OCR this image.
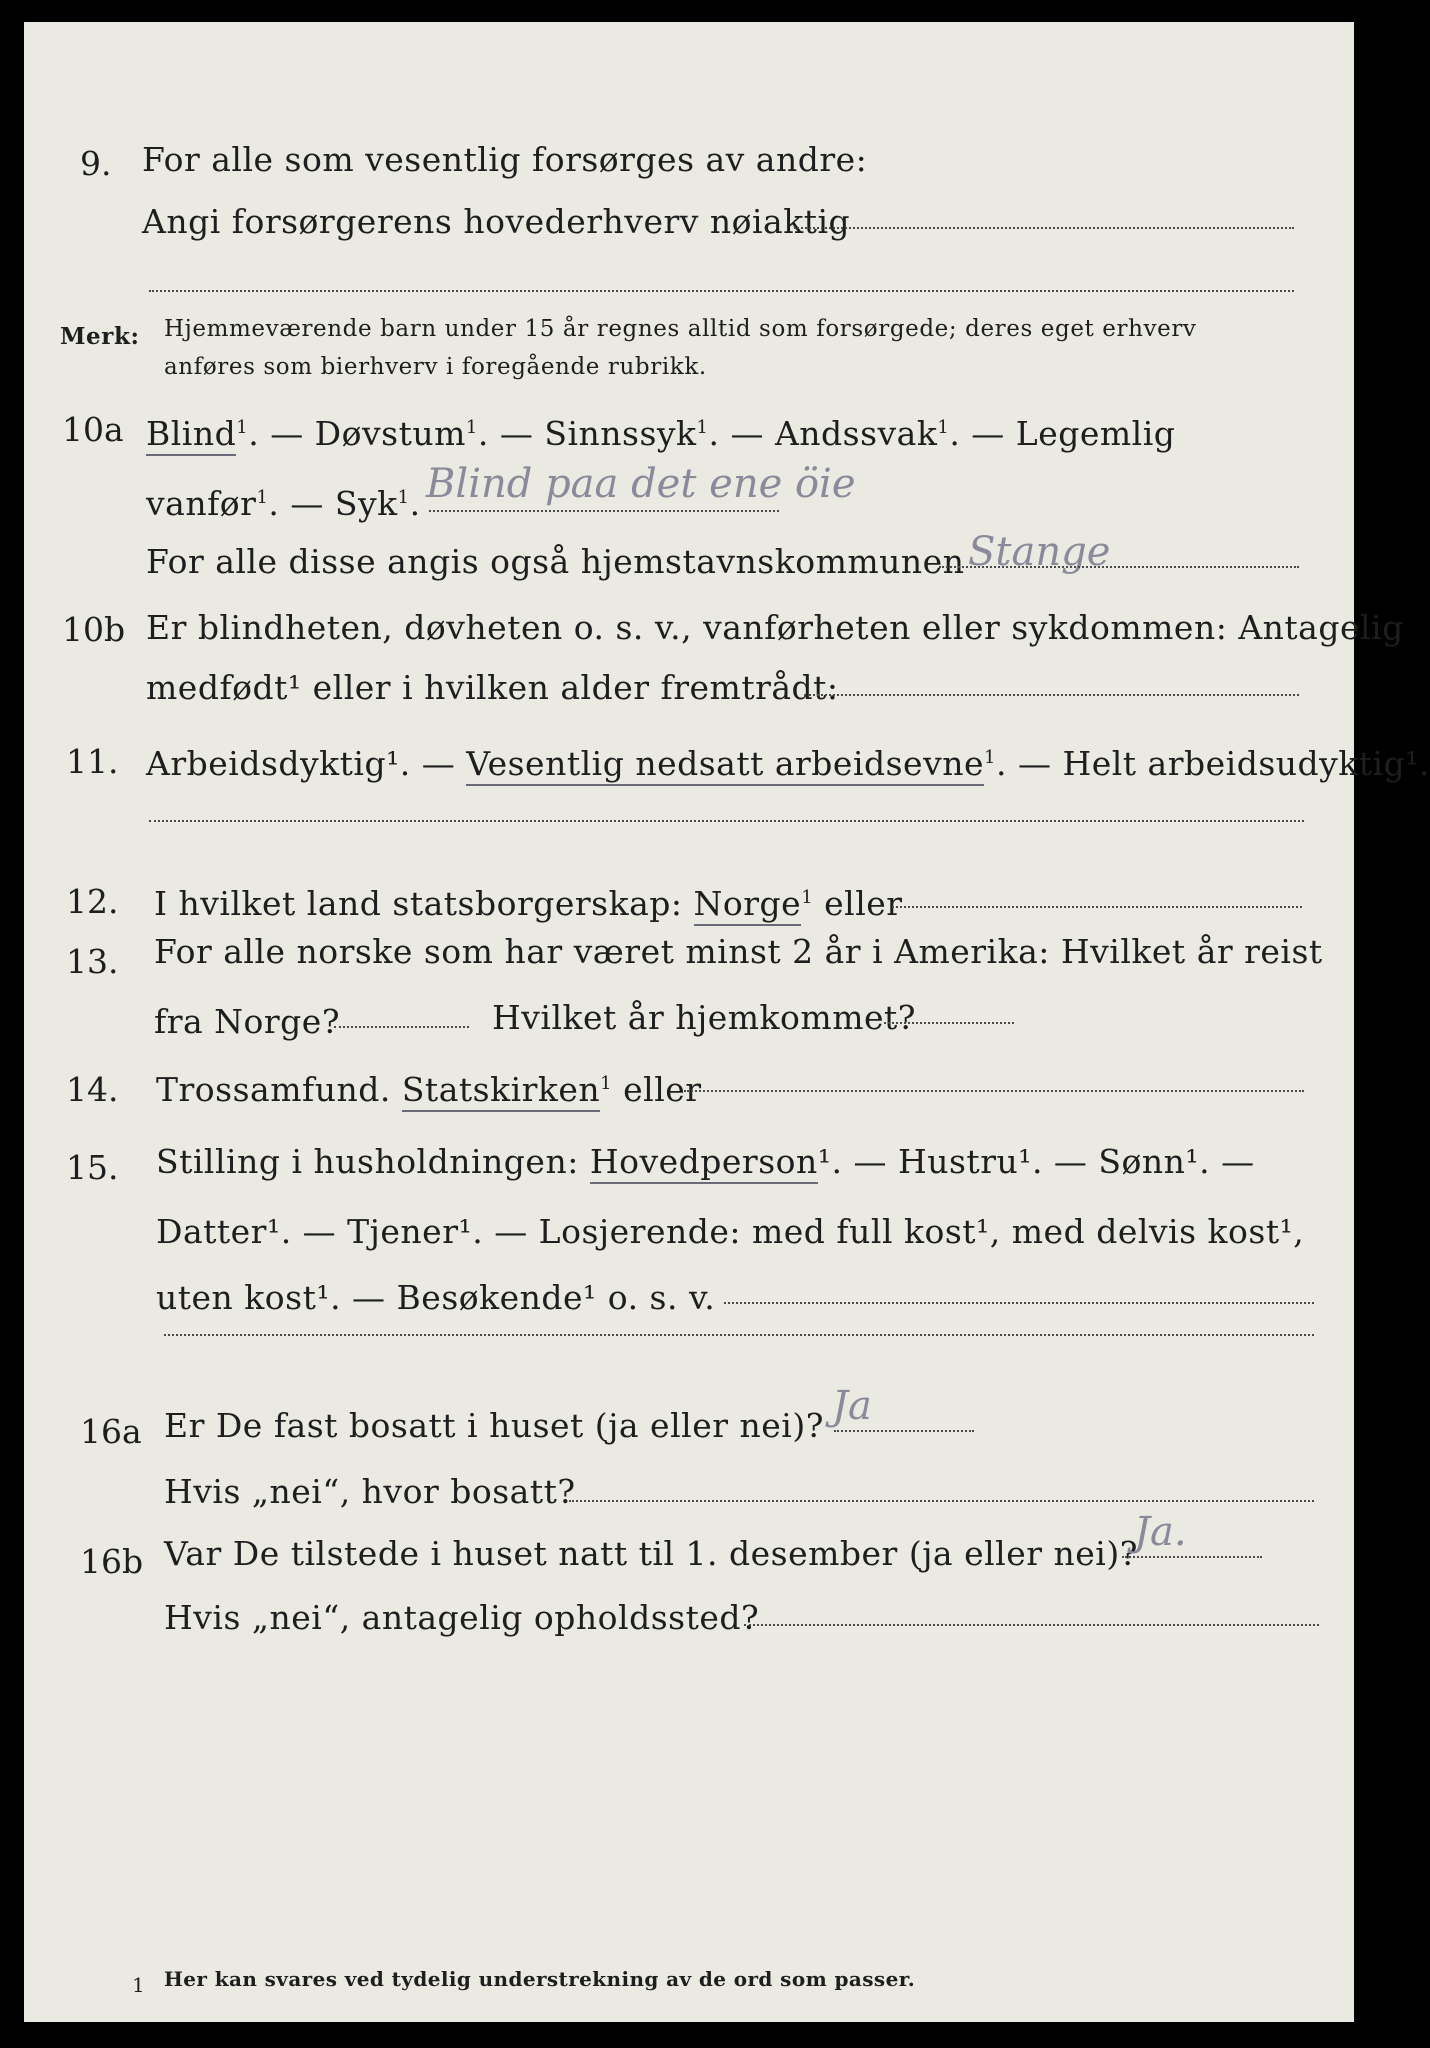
9. For alle som vesentlig forsørges av andre:
Angi forsørgerens hovederhverv nøiaktig
Merk: Hjemmeværende barn under 15 år regnes alltid som forsørgede; deres eget erhverv
anføres som bierhverv i foregående rubrikk.
10a Blind$^1$. — Døvstum$^1$. — Sinnssyk$^1$. — Andssvak$^1$. — Legemlig
vanfør$^1$. — Syk$^1$. Blind paa det ene öie
For alle disse angis også hjemstavnskommunen Stange
10b Er blindheten, døvheten o. s. v., vanførheten eller sykdommen: Antagelig
medfødt¹ eller i hvilken alder fremtrådt:
11. Arbeidsdyktig¹. — Vesentlig nedsatt arbeidsevne$^1$. — Helt arbeidsudyktig¹.
12. I hvilket land statsborgerskap: Norge$^1$ eller
13. For alle norske som har været minst 2 år i Amerika: Hvilket år reist
fra Norge?	Hvilket år hjemkommet?
14. Trossamfund. Statskirken$^1$ eller
15. Stilling i husholdningen: Hovedperson¹. — Hustru¹. — Sønn¹. —
Datter¹. — Tjener¹. — Losjerende: med full kost¹, med delvis kost¹,
uten kost¹. — Besøkende¹ o. s. v.
16a Er De fast bosatt i huset (ja eller nei)? Ja
Hvis „nei“, hvor bosatt?
16b Var De tilstede i huset natt til 1. desember (ja eller nei)?
Ja.
Hvis „nei“, antagelig opholdssted?
1 Her kan svares ved tydelig understrekning av de ord som passer.
